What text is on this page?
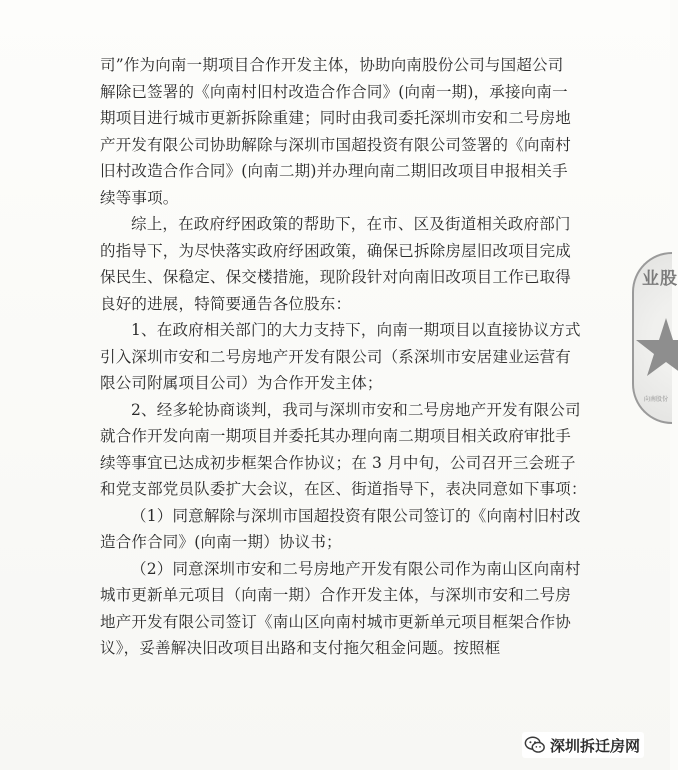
司”作为向南一期项目合作开发主体，协助向南股份公司与国超公司
解除已签署的《向南村旧村改造合作合同》(向南一期)，承接向南一
期项目进行城市更新拆除重建；同时由我司委托深圳市安和二号房地
产开发有限公司协助解除与深圳市国超投资有限公司签署的《向南村
旧村改造合作合同》(向南二期)并办理向南二期旧改项目申报相关手
续等事项。
综上，在政府纾困政策的帮助下，在市、区及街道相关政府部门
的指导下，为尽快落实政府纾困政策，确保已拆除房屋旧改项目完成
保民生、保稳定、保交楼措施，现阶段针对向南旧改项目工作已取得
良好的进展，特简要通告各位股东：
1、在政府相关部门的大力支持下，向南一期项目以直接协议方式
引入深圳市安和二号房地产开发有限公司（系深圳市安居建业运营有
限公司附属项目公司）为合作开发主体；
2、经多轮协商谈判，我司与深圳市安和二号房地产开发有限公司
就合作开发向南一期项目并委托其办理向南二期项目相关政府审批手
续等事宜已达成初步框架合作协议；在 3 月中旬，公司召开三会班子
和党支部党员队委扩大会议，在区、街道指导下，表决同意如下事项：
（1）同意解除与深圳市国超投资有限公司签订的《向南村旧村改
造合作合同》(向南一期）协议书；
（2）同意深圳市安和二号房地产开发有限公司作为南山区向南村
城市更新单元项目（向南一期）合作开发主体，与深圳市安和二号房
地产开发有限公司签订《南山区向南村城市更新单元项目框架合作协
议》，妥善解决旧改项目出路和支付拖欠租金问题。按照框
业股
向南股份
深圳拆迁房网
